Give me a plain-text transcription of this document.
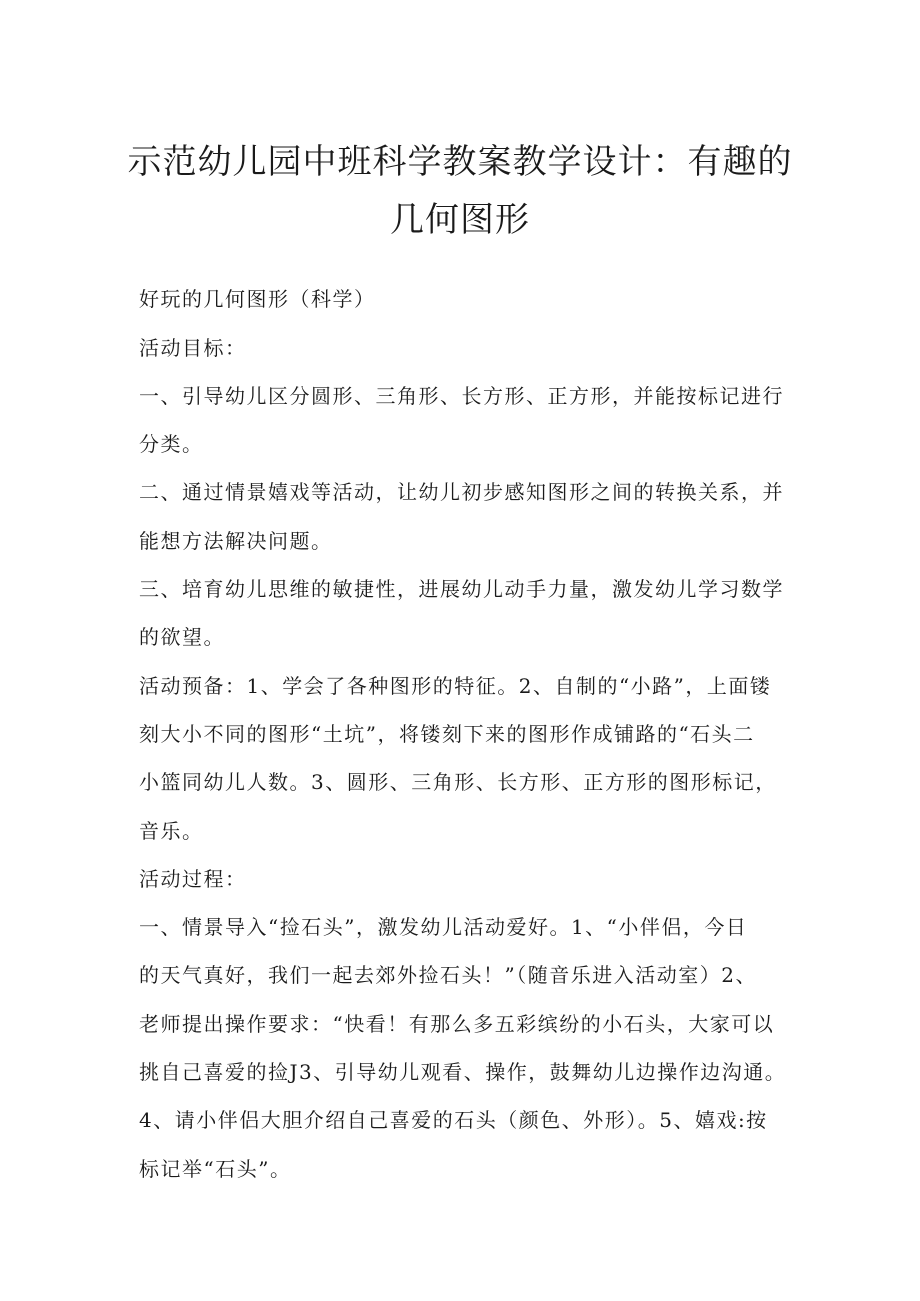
示范幼儿园中班科学教案教学设计：有趣的
几何图形
好玩的几何图形（科学）
活动目标：
一、引导幼儿区分圆形、三角形、长方形、正方形，并能按标记进行
分类。
二、通过情景嬉戏等活动，让幼儿初步感知图形之间的转换关系，并
能想方法解决问题。
三、培育幼儿思维的敏捷性，进展幼儿动手力量，激发幼儿学习数学
的欲望。
活动预备：1、学会了各种图形的特征。2、自制的“小路”，上面镂
刻大小不同的图形“土坑”，将镂刻下来的图形作成铺路的“石头二
小篮同幼儿人数。3、圆形、三角形、长方形、正方形的图形标记，
音乐。
活动过程：
一、情景导入“捡石头”，激发幼儿活动爱好。1、“小伴侣，今日
的天气真好，我们一起去郊外捡石头！”（随音乐进入活动室）2、
老师提出操作要求：“快看！有那么多五彩缤纷的小石头，大家可以
挑自己喜爱的捡J3、引导幼儿观看、操作，鼓舞幼儿边操作边沟通。
4、请小伴侣大胆介绍自己喜爱的石头（颜色、外形）。5、嬉戏:按
标记举“石头”。
